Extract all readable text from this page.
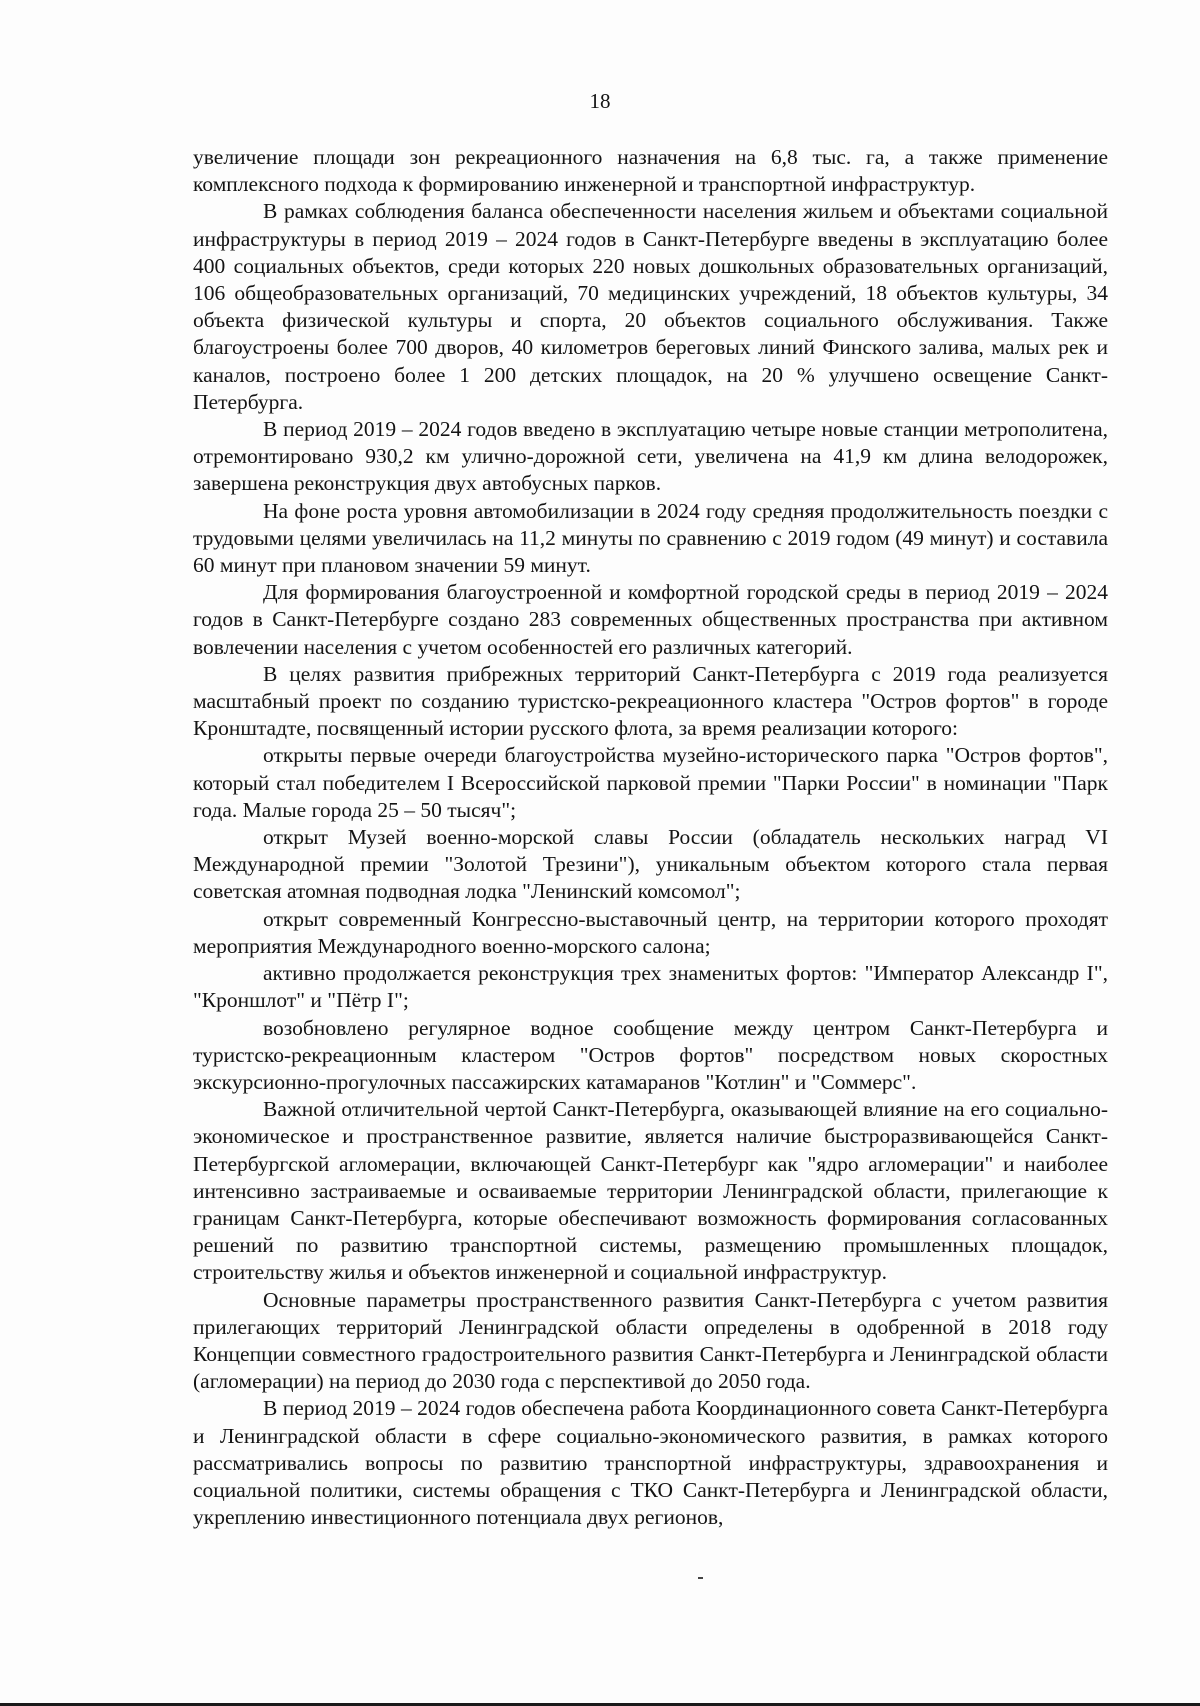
18

увеличение площади зон рекреационного назначения на 6,8 тыс. га, а также применение комплексного подхода к формированию инженерной и транспортной инфраструктур.

В рамках соблюдения баланса обеспеченности населения жильем и объектами социальной инфраструктуры в период 2019 – 2024 годов в Санкт-Петербурге введены в эксплуатацию более 400 социальных объектов, среди которых 220 новых дошкольных образовательных организаций, 106 общеобразовательных организаций, 70 медицинских учреждений, 18 объектов культуры, 34 объекта физической культуры и спорта, 20 объектов социального обслуживания. Также благоустроены более 700 дворов, 40 километров береговых линий Финского залива, малых рек и каналов, построено более 1 200 детских площадок, на 20 % улучшено освещение Санкт-Петербурга.

В период 2019 – 2024 годов введено в эксплуатацию четыре новые станции метрополитена, отремонтировано 930,2 км улично-дорожной сети, увеличена на 41,9 км длина велодорожек, завершена реконструкция двух автобусных парков.

На фоне роста уровня автомобилизации в 2024 году средняя продолжительность поездки с трудовыми целями увеличилась на 11,2 минуты по сравнению с 2019 годом (49 минут) и составила 60 минут при плановом значении 59 минут.

Для формирования благоустроенной и комфортной городской среды в период 2019 – 2024 годов в Санкт-Петербурге создано 283 современных общественных пространства при активном вовлечении населения с учетом особенностей его различных категорий.

В целях развития прибрежных территорий Санкт-Петербурга с 2019 года реализуется масштабный проект по созданию туристско-рекреационного кластера "Остров фортов" в городе Кронштадте, посвященный истории русского флота, за время реализации которого:

открыты первые очереди благоустройства музейно-исторического парка "Остров фортов", который стал победителем I Всероссийской парковой премии "Парки России" в номинации "Парк года. Малые города 25 – 50 тысяч";

открыт Музей военно-морской славы России (обладатель нескольких наград VI Международной премии "Золотой Трезини"), уникальным объектом которого стала первая советская атомная подводная лодка "Ленинский комсомол";

открыт современный Конгрессно-выставочный центр, на территории которого проходят мероприятия Международного военно-морского салона;

активно продолжается реконструкция трех знаменитых фортов: "Император Александр I", "Кроншлот" и "Пётр I";

возобновлено регулярное водное сообщение между центром Санкт-Петербурга и туристско-рекреационным кластером "Остров фортов" посредством новых скоростных экскурсионно-прогулочных пассажирских катамаранов "Котлин" и "Соммерс".

Важной отличительной чертой Санкт-Петербурга, оказывающей влияние на его социально-экономическое и пространственное развитие, является наличие быстроразвивающейся Санкт-Петербургской агломерации, включающей Санкт-Петербург как "ядро агломерации" и наиболее интенсивно застраиваемые и осваиваемые территории Ленинградской области, прилегающие к границам Санкт-Петербурга, которые обеспечивают возможность формирования согласованных решений по развитию транспортной системы, размещению промышленных площадок, строительству жилья и объектов инженерной и социальной инфраструктур.

Основные параметры пространственного развития Санкт-Петербурга с учетом развития прилегающих территорий Ленинградской области определены в одобренной в 2018 году Концепции совместного градостроительного развития Санкт-Петербурга и Ленинградской области (агломерации) на период до 2030 года с перспективой до 2050 года.

В период 2019 – 2024 годов обеспечена работа Координационного совета Санкт-Петербурга и Ленинградской области в сфере социально-экономического развития, в рамках которого рассматривались вопросы по развитию транспортной инфраструктуры, здравоохранения и социальной политики, системы обращения с ТКО Санкт-Петербурга и Ленинградской области, укреплению инвестиционного потенциала двух регионов,
